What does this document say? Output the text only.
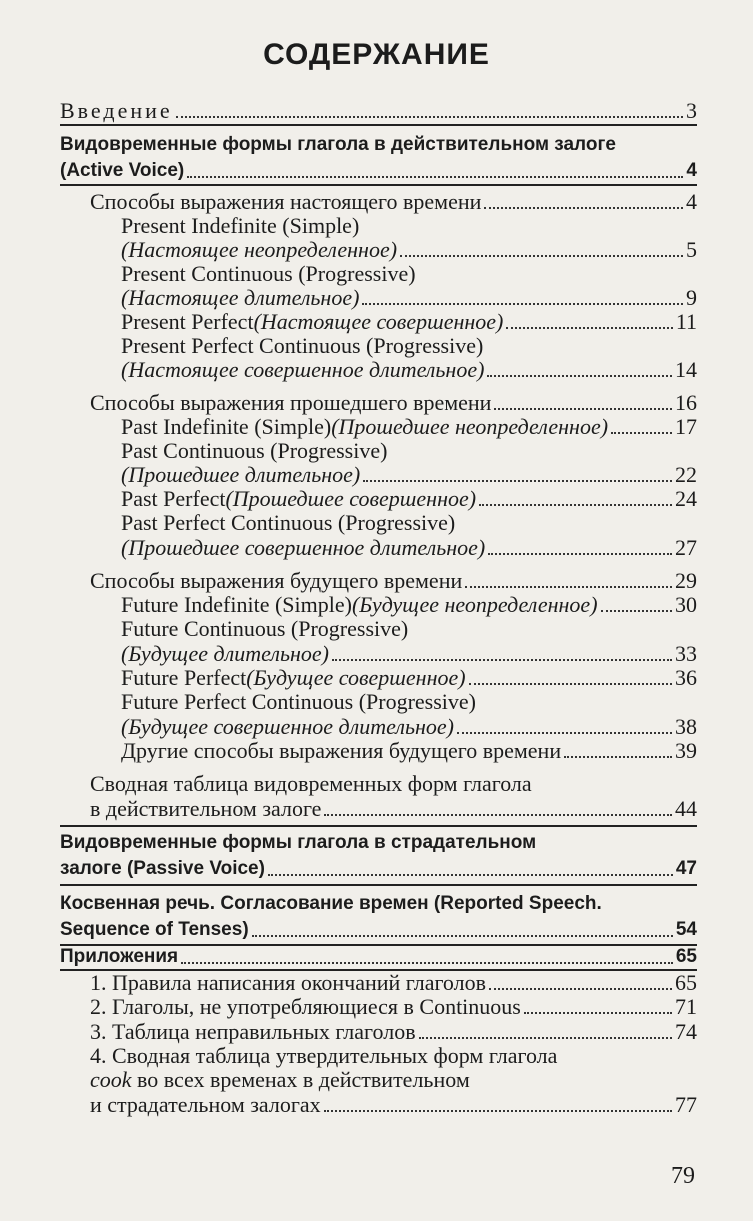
СОДЕРЖАНИЕ
Введение	3
Видовременные формы глагола в действительном залоге
(Active Voice)	4
Способы выражения настоящего времени	4
Present Indefinite (Simple)
(Настоящее неопределенное)	5
Present Continuous (Progressive)
(Настоящее длительное)	9
Present Perfect (Настоящее совершенное)	11
Present Perfect Continuous (Progressive)
(Настоящее совершенное длительное)	14
Способы выражения прошедшего времени	16
Past Indefinite (Simple) (Прошедшее неопределенное)	17
Past Continuous (Progressive)
(Прошедшее длительное)	22
Past Perfect (Прошедшее совершенное)	24
Past Perfect Continuous (Progressive)
(Прошедшее совершенное длительное)	27
Способы выражения будущего времени	29
Future Indefinite (Simple) (Будущее неопределенное)	30
Future Continuous (Progressive)
(Будущее длительное)	33
Future Perfect (Будущее совершенное)	36
Future Perfect Continuous (Progressive)
(Будущее совершенное длительное)	38
Другие способы выражения будущего времени	39
Сводная таблица видовременных форм глагола
в действительном залоге	44
Видовременные формы глагола в страдательном
залоге (Passive Voice)	47
Косвенная речь. Согласование времен (Reported Speech.
Sequence of Tenses)	54
Приложения	65
1. Правила написания окончаний глаголов	65
2. Глаголы, не употребляющиеся в Continuous	71
3. Таблица неправильных глаголов	74
4. Сводная таблица утвердительных форм глагола
cook во всех временах в действительном
и страдательном залогах	77
79
